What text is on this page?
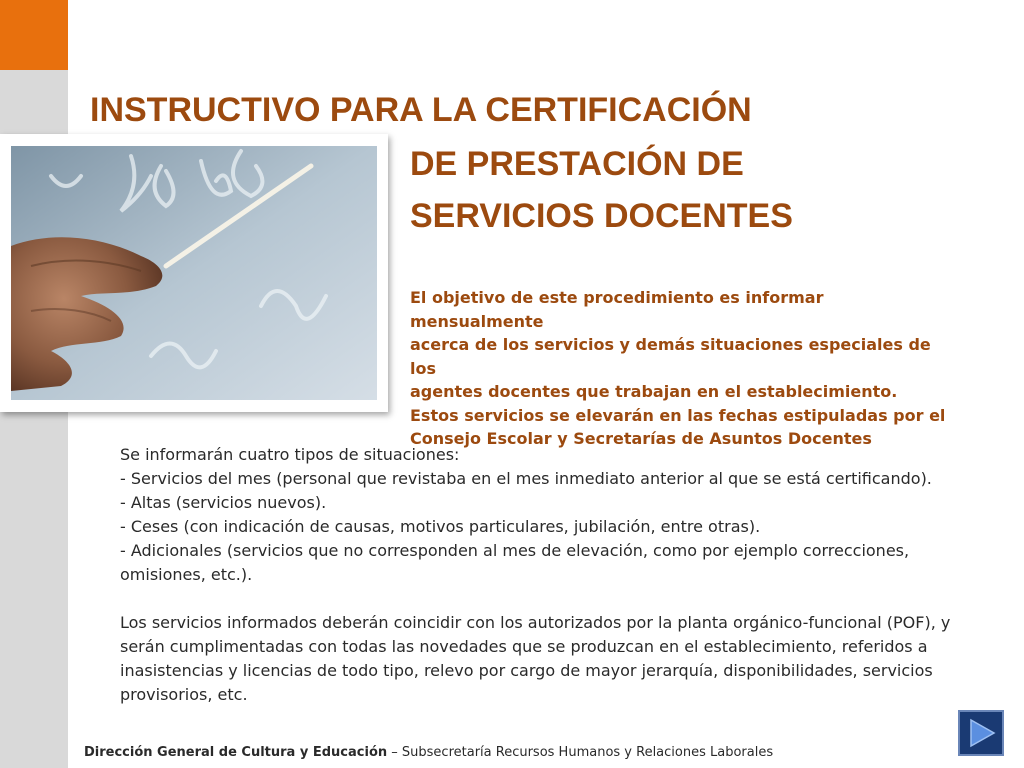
INSTRUCTIVO PARA LA CERTIFICACIÓN
DE PRESTACIÓN DE
SERVICIOS DOCENTES

El objetivo de este procedimiento es informar mensualmente

acerca de los servicios y demás situaciones especiales de los

agentes docentes que trabajan en el establecimiento.

Estos servicios se elevarán en las fechas estipuladas por el

Consejo Escolar y Secretarías de Asuntos Docentes

Se informarán cuatro tipos de situaciones:

- Servicios del mes (personal que revistaba en el mes inmediato anterior al que se está certificando).

- Altas (servicios nuevos).

- Ceses (con indicación de causas, motivos particulares, jubilación, entre otras).

- Adicionales (servicios que no corresponden al mes de elevación, como por ejemplo correcciones, omisiones, etc.).

Los servicios informados deberán coincidir con los autorizados por la planta orgánico-funcional (POF), y serán cumplimentadas con todas las novedades que se produzcan en el establecimiento, referidos a inasistencias y licencias de todo tipo, relevo por cargo de mayor jerarquía, disponibilidades, servicios provisorios, etc.

Dirección General de Cultura y Educación – Subsecretaría Recursos Humanos y Relaciones Laborales
